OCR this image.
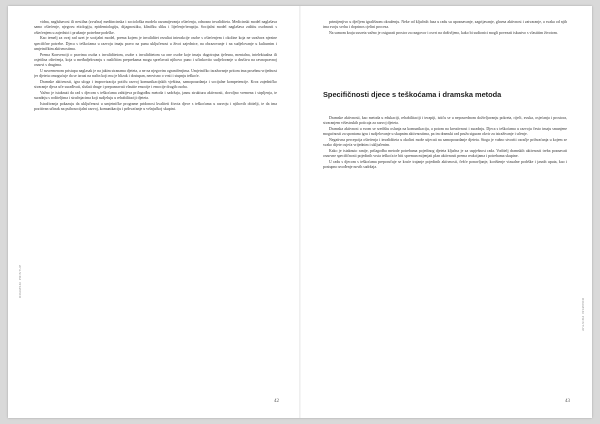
DRAMSKI PRISTUP

vidna, nagluhavost ili nestilna (zvučna) mediincinska i sociološka modela razumijevanja oštećenja, odnosno invaliditeta. Medicinski model naglašava samo oštećenje, njegovu etiologiju, epidemiologiju, dijagnostiku, kliničku sliku i liječenje/terapiju. Socijalni model naglašava zaštitu osobnosti s oštećenjem u zajednici i pružanje potrebne podrške.

Kao temelj za ovaj rad uzet je socijalni model, prema kojem je invaliditet rezultat interakcije osobe s oštećenjem i okoline koja ne uvažava njezine specifične potrebe. Djeca s teškoćama u razvoju imaju pravo na punu uključenost u život zajednice, na obrazovanje i na sudjelovanje u kulturnim i umjetničkim aktivnostima.

Prema Konvenciji o pravima osoba s invaliditetom, osobe s invaliditetom su one osobe koje imaju dugotrajna tjelesna, mentalna, intelektualna ili osjetilna oštećenja, koja u međudjelovanju s različitim preprekama mogu sprečavati njihovo puno i učinkovito sudjelovanje u društvu na ravnopravnoj osnovi s drugima.

U suvremenom pristupu naglasak je na jakim stranama djeteta, a ne na njegovim ograničenjima. Umjetničko izražavanje pritom ima posebnu vrijednost jer djetetu omogućuje da se izrazi na način koji mu je blizak i dostupan, neovisno o vrsti i stupnju teškoće.

Dramske aktivnosti, igra uloga i improvizacija potiču razvoj komunikacijskih vještina, samopouzdanja i socijalne kompetencije. Kroz zajedničko stvaranje djeca uče surađivati, slušati druge i prepoznavati vlastite emocije i emocije drugih osoba.

Važno je istaknuti da rad s djecom s teškoćama zahtijeva prilagodbu metoda i sadržaja, jasnu strukturu aktivnosti, dovoljno vremena i strpljenja, te suradnju s roditeljima i stručnjacima koji sudjeluju u rehabilitaciji djeteta.

Istraživanja pokazuju da uključenost u umjetničke programe pridonosi kvaliteti života djece s teškoćama u razvoju i njihovih obitelji, te da ima pozitivan učinak na psihosocijalni razvoj, komunikaciju i prihvaćanje u vršnjačkoj skupini.

42

primijenjivo u dječjem igrališnom okruženju. Neke od ključnih faza u radu su upoznavanje, zagrijavanje, glavna aktivnost i zatvaranje, a svaka od njih ima svoju svrhu i doprinos cjelini procesa.

Na samom kraju susreta važno je osigurati prostor za razgovor i osvrt na doživljeno, kako bi sudionici mogli povezati iskustvo s vlastitim životom.

Specifičnosti djece s teškoćama i dramska metoda

Dramske aktivnosti, kao metoda u edukaciji, rehabilitaciji i terapiji, ističu se u neposrednom doživljavanju pokreta, riječi, zvuka, osjećanja i prostora, stvaranjem višestrukih poticaja za razvoj djeteta.

Dramska aktivnost u svom se središtu oslanja na komunikaciju, a potom na kreativnost i suradnju. Djeca s teškoćama u razvoju često imaju smanjene mogućnosti za spontanu igru i sudjelovanje u skupnim aktivnostima, pa im dramski rad pruža siguran okvir za istraživanje i učenje.

Negativna percepcija oštećenja i invaliditeta u okolini može utjecati na samopouzdanje djeteta. Stoga je važno stvoriti ozračje prihvaćanja u kojem se svako dijete osjeća vrijednim i uključenim.

Kako je istaknuto ranije, prilagodba metode potrebama pojedinog djeteta ključna je za uspješnost rada. Voditelj dramskih aktivnosti treba poznavati osnovne specifičnosti pojedinih vrsta teškoća te biti spreman mijenjati plan aktivnosti prema reakcijama i potrebama skupine.

U radu s djecom s teškoćama preporučuje se kraće trajanje pojedinih aktivnosti, češće ponavljanje, korištenje vizualne podrške i jasnih uputa, kao i postupno uvođenje novih sadržaja.

43
DRAMSKI PRISTUP
